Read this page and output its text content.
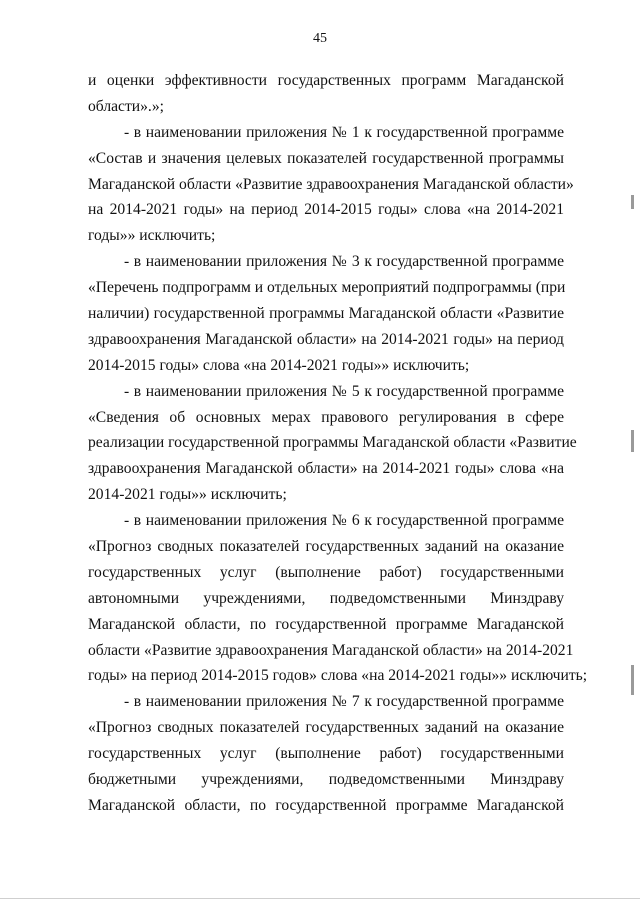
45
и оценки эффективности государственных программ Магаданской
области».»;
- в наименовании приложения № 1 к государственной программе
«Состав и значения целевых показателей государственной программы
Магаданской области «Развитие здравоохранения Магаданской области»
на 2014-2021 годы» на период 2014-2015 годы» слова «на 2014-2021
годы»» исключить;
- в наименовании приложения № 3 к государственной программе
«Перечень подпрограмм и отдельных мероприятий подпрограммы (при
наличии) государственной программы Магаданской области «Развитие
здравоохранения Магаданской области» на 2014-2021 годы» на период
2014-2015 годы» слова «на 2014-2021 годы»» исключить;
- в наименовании приложения № 5 к государственной программе
«Сведения об основных мерах правового регулирования в сфере
реализации государственной программы Магаданской области «Развитие
здравоохранения Магаданской области» на 2014-2021 годы» слова «на
2014-2021 годы»» исключить;
- в наименовании приложения № 6 к государственной программе
«Прогноз сводных показателей государственных заданий на оказание
государственных услуг (выполнение работ) государственными
автономными учреждениями, подведомственными Минздраву
Магаданской области, по государственной программе Магаданской
области «Развитие здравоохранения Магаданской области» на 2014-2021
годы» на период 2014-2015 годов» слова «на 2014-2021 годы»» исключить;
- в наименовании приложения № 7 к государственной программе
«Прогноз сводных показателей государственных заданий на оказание
государственных услуг (выполнение работ) государственными
бюджетными учреждениями, подведомственными Минздраву
Магаданской области, по государственной программе Магаданской
